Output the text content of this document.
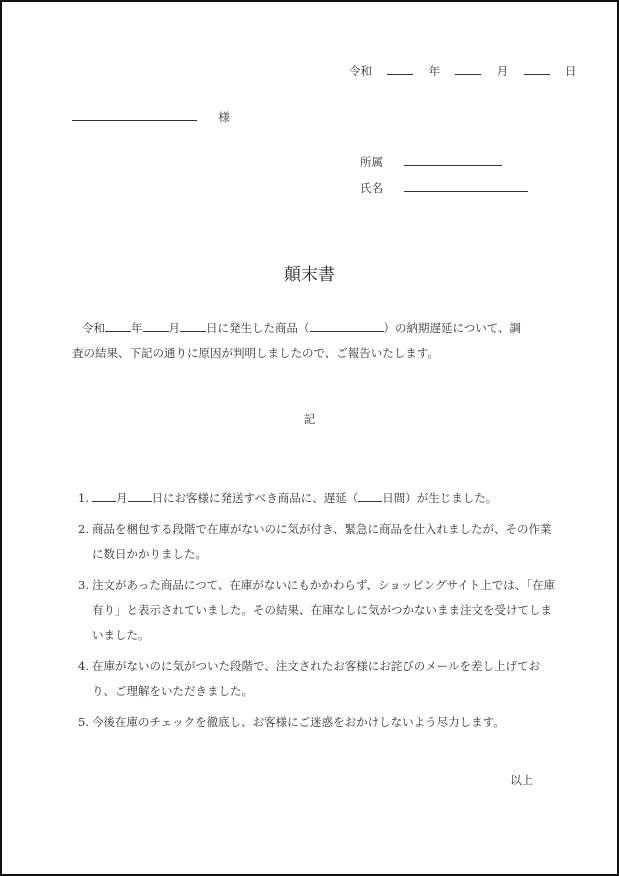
令和	年	月	日
様
所属
氏名
顛末書
令和 年 月 日に発生した商品（	）の納期遅延について、調
査の結果、下記の通りに原因が判明しましたので、ご報告いたします。
記
1.	月 日にお客様に発送すべき商品に、遅延（ 日間）が生じました。
2. 商品を梱包する段階で在庫がないのに気が付き、緊急に商品を仕入れましたが、その作業に数日かかりました。
3. 注文があった商品につて、在庫がないにもかかわらず、ショッピングサイト上では、「在庫有り」と表示されていました。その結果、在庫なしに気がつかないまま注文を受けてしまいました。
4. 在庫がないのに気がついた段階で、注文されたお客様にお詫びのメールを差し上げており、ご理解をいただきました。
5. 今後在庫のチェックを徹底し、お客様にご迷惑をおかけしないよう尽力します。
以上
